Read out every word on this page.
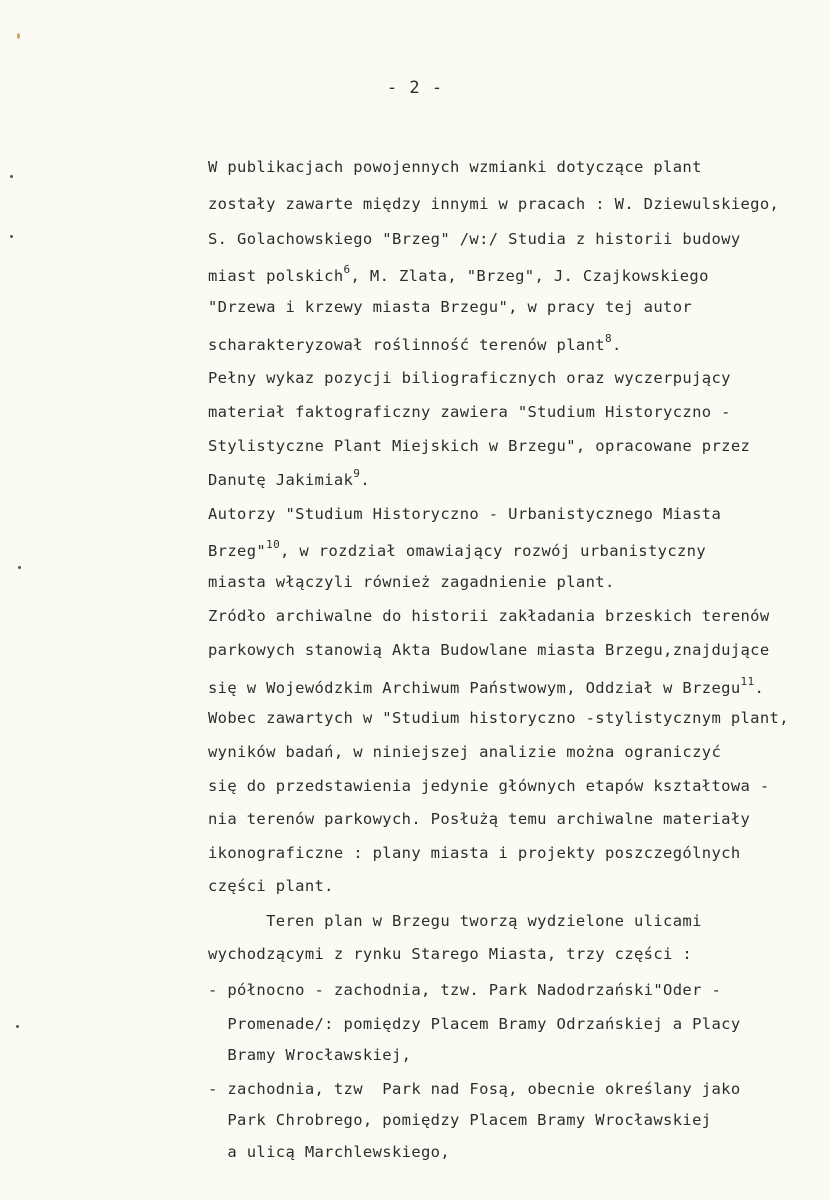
- 2 -
W publikacjach powojennych wzmianki dotyczące plant
zostały zawarte między innymi w pracach : W. Dziewulskiego,
S. Golachowskiego "Brzeg" /w:/ Studia z historii budowy
miast polskich$^6$, M. Zlata, "Brzeg", J. Czajkowskiego
"Drzewa i krzewy miasta Brzegu", w pracy tej autor
scharakteryzował roślinność terenów plant$^8$.
Pełny wykaz pozycji biliograficznych oraz wyczerpujący
materiał faktograficzny zawiera "Studium Historyczno -
Stylistyczne Plant Miejskich w Brzegu", opracowane przez
Danutę Jakimiak$^9$.
Autorzy "Studium Historyczno - Urbanistycznego Miasta
Brzeg"$^{10}$, w rozdział omawiający rozwój urbanistyczny
miasta włączyli również zagadnienie plant.
Zródło archiwalne do historii zakładania brzeskich terenów
parkowych stanowią Akta Budowlane miasta Brzegu,znajdujące
się w Wojewódzkim Archiwum Państwowym, Oddział w Brzegu$^{11}$.
Wobec zawartych w "Studium historyczno -stylistycznym plant,
wyników badań, w niniejszej analizie można ograniczyć
się do przedstawienia jedynie głównych etapów kształtowa -
nia terenów parkowych. Posłużą temu archiwalne materiały
ikonograficzne : plany miasta i projekty poszczególnych
części plant.
Teren plan w Brzegu tworzą wydzielone ulicami
wychodzącymi z rynku Starego Miasta, trzy części :
- północno - zachodnia, tzw. Park Nadodrzański"Oder -
Promenade/: pomiędzy Placem Bramy Odrzańskiej a Placy
Bramy Wrocławskiej,
- zachodnia, tzw  Park nad Fosą, obecnie określany jako
Park Chrobrego, pomiędzy Placem Bramy Wrocławskiej
a ulicą Marchlewskiego,
